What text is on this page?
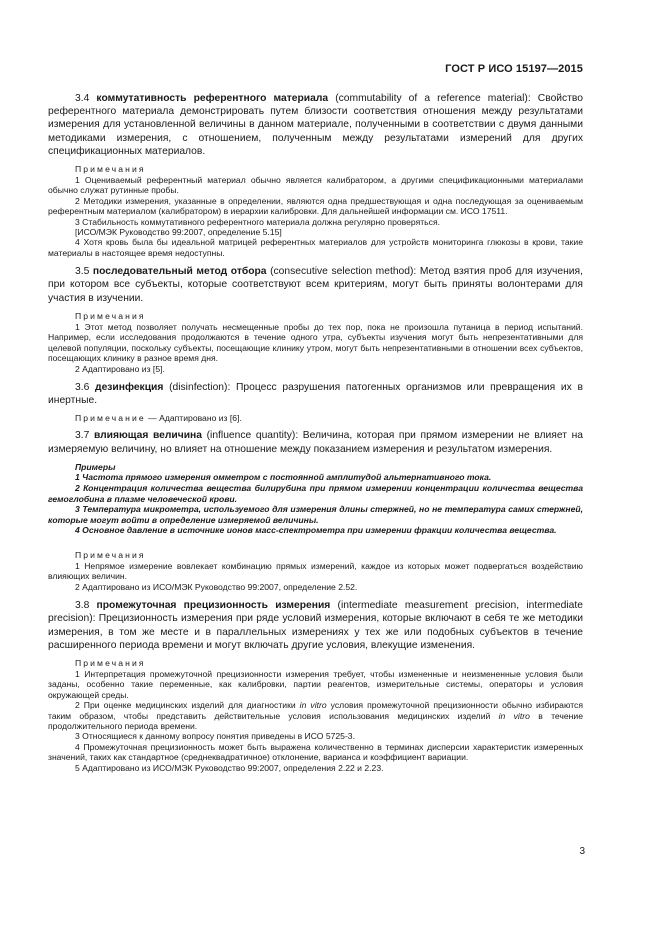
ГОСТ Р ИСО 15197—2015

3.4 коммутативность референтного материала (commutability of a reference material): Свойство референтного материала демонстрировать путем близости соответствия отношения между результатами измерения для установленной величины в данном материале, полученными в соответствии с двумя данными методиками измерения, с отношением, полученным между результатами измерений для других спецификационных материалов.

Примечания

1 Оцениваемый референтный материал обычно является калибратором, а другими спецификационными материалами обычно служат рутинные пробы.

2 Методики измерения, указанные в определении, являются одна предшествующая и одна последующая за оцениваемым референтным материалом (калибратором) в иерархии калибровки. Для дальнейшей информации см. ИСО 17511.

3 Стабильность коммутативного референтного материала должна регулярно проверяться.

[ИСО/МЭК Руководство 99:2007, определение 5.15]

4 Хотя кровь была бы идеальной матрицей референтных материалов для устройств мониторинга глюкозы в крови, такие материалы в настоящее время недоступны.

3.5 последовательный метод отбора (consecutive selection method): Метод взятия проб для изучения, при котором все субъекты, которые соответствуют всем критериям, могут быть приняты волонтерами для участия в изучении.

Примечания

1 Этот метод позволяет получать несмещенные пробы до тех пор, пока не произошла путаница в период испытаний. Например, если исследования продолжаются в течение одного утра, субъекты изучения могут быть непрезентативными для целевой популяции, поскольку субъекты, посещающие клинику утром, могут быть непрезентативными в отношении всех субъектов, посещающих клинику в разное время дня.

2 Адаптировано из [5].

3.6 дезинфекция (disinfection): Процесс разрушения патогенных организмов или превращения их в инертные.

Примечание — Адаптировано из [6].

3.7 влияющая величина (influence quantity): Величина, которая при прямом измерении не влияет на измеряемую величину, но влияет на отношение между показанием измерения и результатом измерения.

Примеры

1 Частота прямого измерения омметром с постоянной амплитудой альтернативного тока.

2 Концентрация количества вещества билирубина при прямом измерении концентрации количества вещества гемоглобина в плазме человеческой крови.

3 Температура микрометра, используемого для измерения длины стержней, но не температура самих стержней, которые могут войти в определение измеряемой величины.

4 Основное давление в источнике ионов масс-спектрометра при измерении фракции количества вещества.

Примечания

1 Непрямое измерение вовлекает комбинацию прямых измерений, каждое из которых может подвергаться воздействию влияющих величин.

2 Адаптировано из ИСО/МЭК Руководство 99:2007, определение 2.52.

3.8 промежуточная прецизионность измерения (intermediate measurement precision, intermediate precision): Прецизионность измерения при ряде условий измерения, которые включают в себя те же методики измерения, в том же месте и в параллельных измерениях у тех же или подобных субъектов в течение расширенного периода времени и могут включать другие условия, влекущие изменения.

Примечания

1 Интерпретация промежуточной прецизионности измерения требует, чтобы измененные и неизмененные условия были заданы, особенно такие переменные, как калибровки, партии реагентов, измерительные системы, операторы и условия окружающей среды.

2 При оценке медицинских изделий для диагностики in vitro условия промежуточной прецизионности обычно избираются таким образом, чтобы представить действительные условия использования медицинских изделий in vitro в течение продолжительного периода времени.

3 Относящиеся к данному вопросу понятия приведены в ИСО 5725-3.

4 Промежуточная прецизионность может быть выражена количественно в терминах дисперсии характеристик измеренных значений, таких как стандартное (среднеквадратичное) отклонение, варианса и коэффициент вариации.

5 Адаптировано из ИСО/МЭК Руководство 99:2007, определения 2.22 и 2.23.

3
